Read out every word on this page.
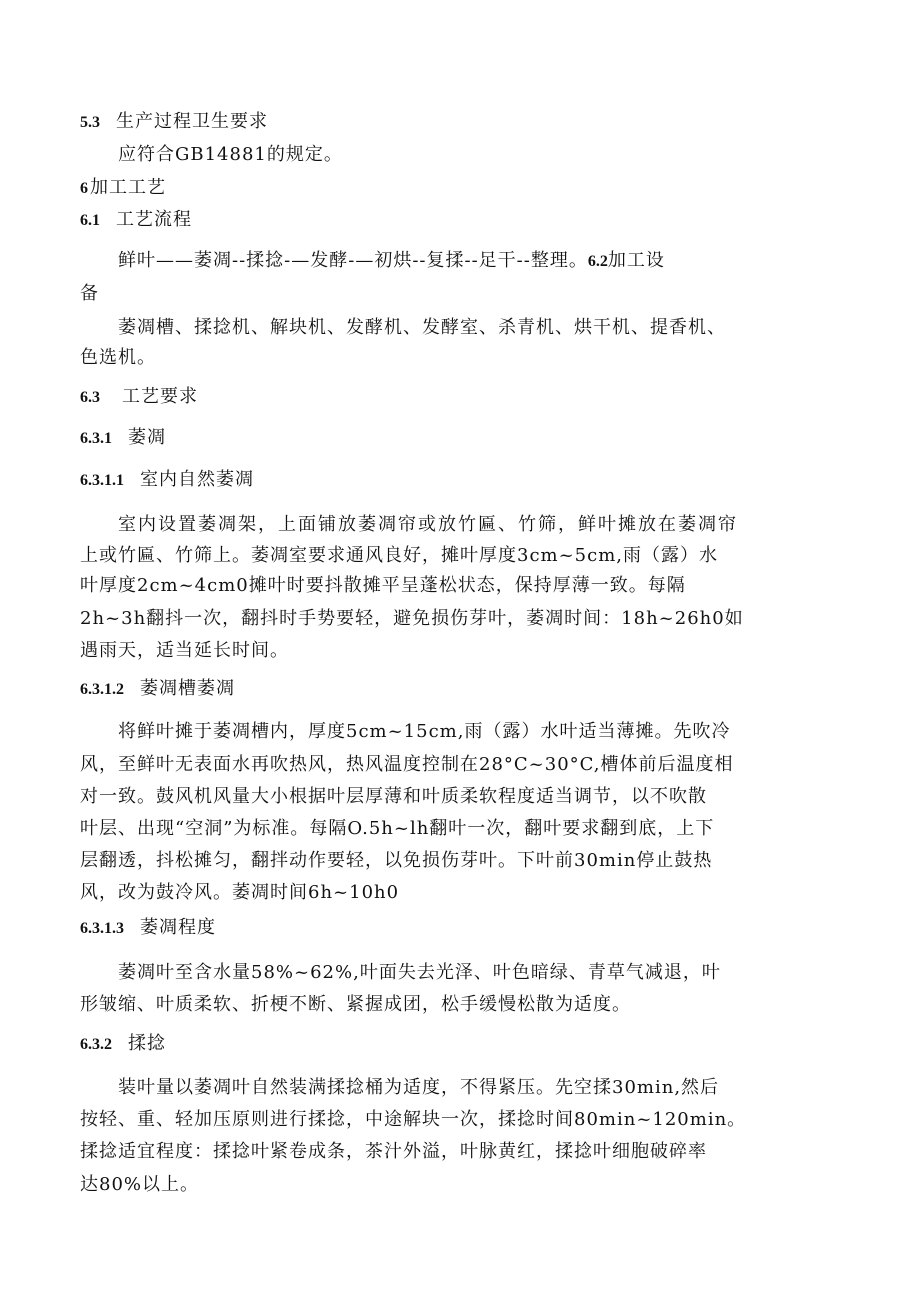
5.3 生产过程卫生要求
应符合GB14881的规定。
6 加工工艺
6.1 工艺流程
鲜叶——萎凋--揉捻-—发酵-—初烘--复揉--足干--整理。6.2加工设
备
萎凋槽、揉捻机、解块机、发酵机、发酵室、杀青机、烘干机、提香机、
色选机。
6.3 工艺要求
6.3.1 萎凋
6.3.1.1 室内自然萎凋
室内设置萎凋架，上面铺放萎凋帘或放竹匾、竹筛，鲜叶摊放在萎凋帘
上或竹匾、竹筛上。萎凋室要求通风良好，摊叶厚度3cm~5cm,雨（露）水
叶厚度2cm~4cm0摊叶时要抖散摊平呈蓬松状态，保持厚薄一致。每隔
2h~3h翻抖一次，翻抖时手势要轻，避免损伤芽叶，萎凋时间：18h~26h0如
遇雨天，适当延长时间。
6.3.1.2 萎凋槽萎凋
将鲜叶摊于萎凋槽内，厚度5cm~15cm,雨（露）水叶适当薄摊。先吹冷
风，至鲜叶无表面水再吹热风，热风温度控制在28°C~30°C,槽体前后温度相
对一致。鼓风机风量大小根据叶层厚薄和叶质柔软程度适当调节，以不吹散
叶层、出现“空洞”为标准。每隔O.5h~lh翻叶一次，翻叶要求翻到底，上下
层翻透，抖松摊匀，翻拌动作要轻，以免损伤芽叶。下叶前30min停止鼓热
风，改为鼓冷风。萎凋时间6h~10h0
6.3.1.3 萎凋程度
萎凋叶至含水量58%~62%,叶面失去光泽、叶色暗绿、青草气减退，叶
形皱缩、叶质柔软、折梗不断、紧握成团，松手缓慢松散为适度。
6.3.2 揉捻
装叶量以萎凋叶自然装满揉捻桶为适度，不得紧压。先空揉30min,然后
按轻、重、轻加压原则进行揉捻，中途解块一次，揉捻时间80min~120min。
揉捻适宜程度：揉捻叶紧卷成条，茶汁外溢，叶脉黄红，揉捻叶细胞破碎率
达80%以上。
